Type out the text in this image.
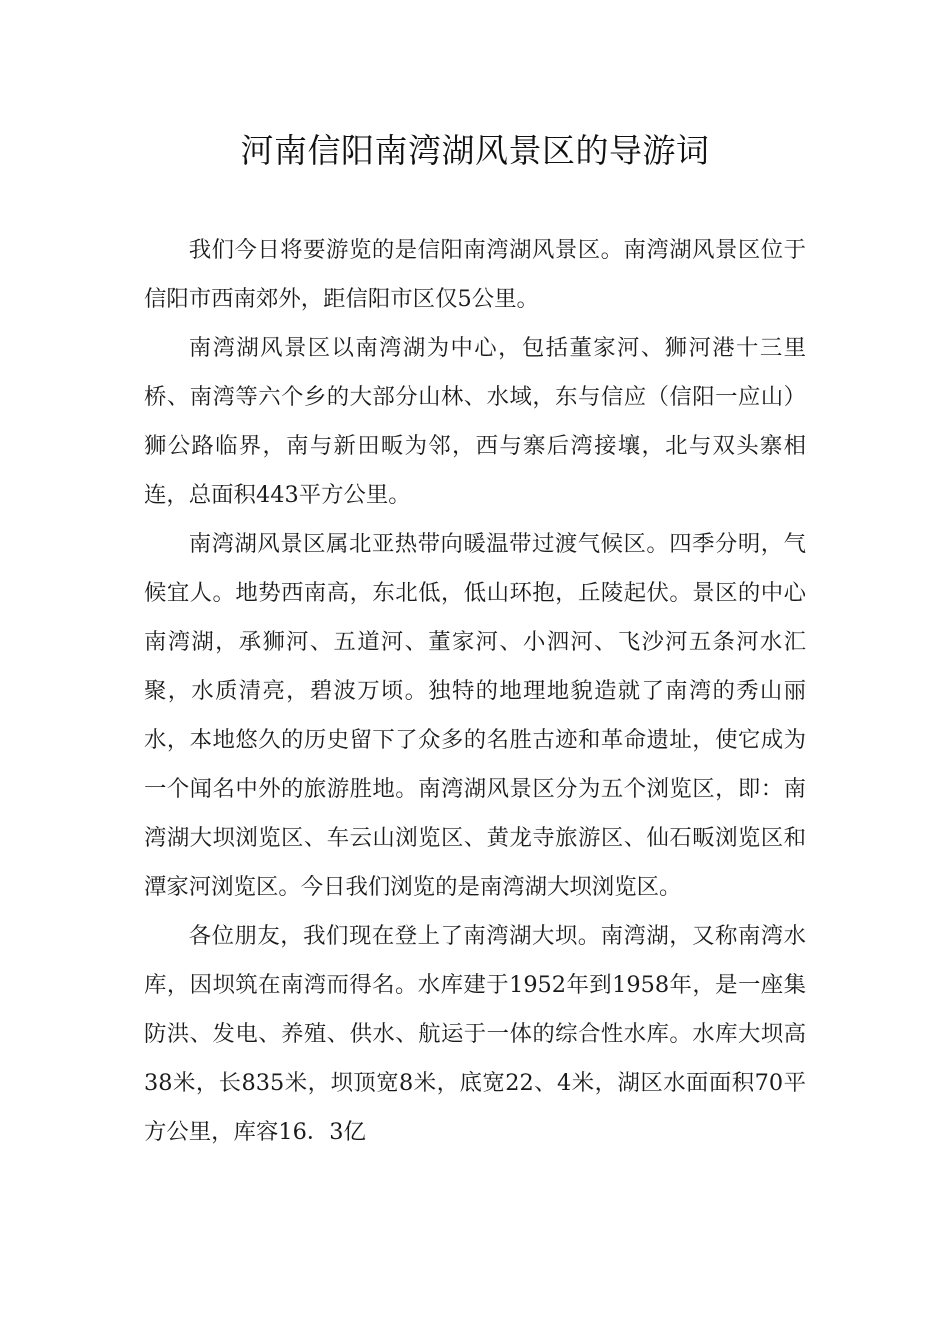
河南信阳南湾湖风景区的导游词

我们今日将要游览的是信阳南湾湖风景区。南湾湖风景区位于信阳市西南郊外，距信阳市区仅5公里。

南湾湖风景区以南湾湖为中心，包括董家河、狮河港十三里桥、南湾等六个乡的大部分山林、水域，东与信应（信阳一应山）狮公路临界，南与新田畈为邻，西与寨后湾接壤，北与双头寨相连，总面积443平方公里。

南湾湖风景区属北亚热带向暖温带过渡气候区。四季分明，气候宜人。地势西南高，东北低，低山环抱，丘陵起伏。景区的中心南湾湖，承狮河、五道河、董家河、小泗河、飞沙河五条河水汇聚，水质清亮，碧波万顷。独特的地理地貌造就了南湾的秀山丽水，本地悠久的历史留下了众多的名胜古迹和革命遗址，使它成为一个闻名中外的旅游胜地。南湾湖风景区分为五个浏览区，即：南湾湖大坝浏览区、车云山浏览区、黄龙寺旅游区、仙石畈浏览区和潭家河浏览区。今日我们浏览的是南湾湖大坝浏览区。

各位朋友，我们现在登上了南湾湖大坝。南湾湖，又称南湾水库，因坝筑在南湾而得名。水库建于1952年到1958年，是一座集防洪、发电、养殖、供水、航运于一体的综合性水库。水库大坝高38米，长835米，坝顶宽8米，底宽22、4米，湖区水面面积70平方公里，库容16．3亿
